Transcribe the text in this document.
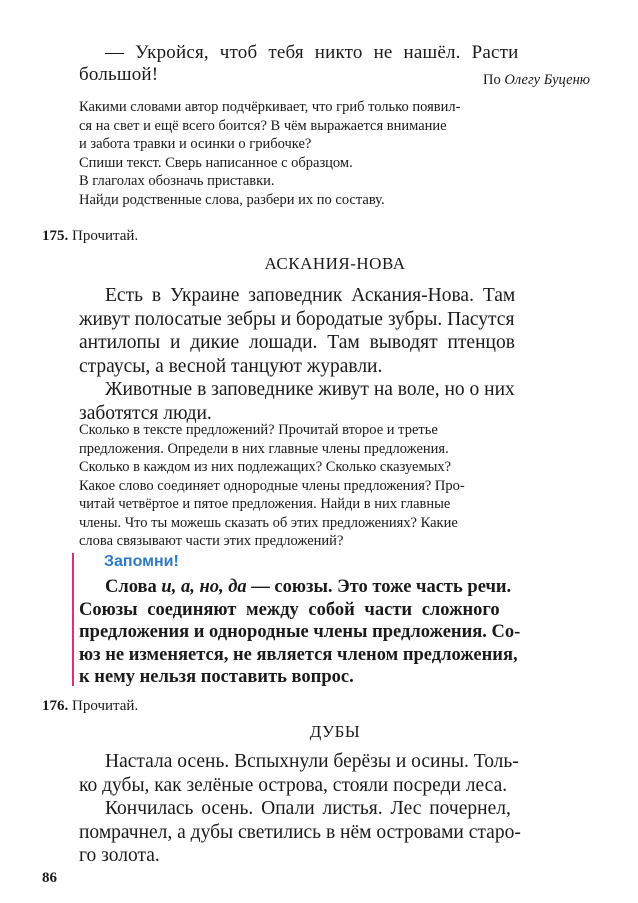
— Укройся, чтоб тебя никто не нашёл. Расти
большой!	По Олегу Буценю
Какими словами автор подчёркивает, что гриб только появил-
ся на свет и ещё всего боится? В чём выражается внимание
и забота травки и осинки о грибочке?
Спиши текст. Сверь написанное с образцом.
В глаголах обозначь приставки.
Найди родственные слова, разбери их по составу.
175. Прочитай.
АСКАНИЯ-НОВА
Есть в Украине заповедник Аскания-Нова. Там
живут полосатые зебры и бородатые зубры. Пасутся
антилопы и дикие лошади. Там выводят птенцов
страусы, а весной танцуют журавли.
Животные в заповеднике живут на воле, но о них
заботятся люди.
Сколько в тексте предложений? Прочитай второе и третье
предложения. Определи в них главные члены предложения.
Сколько в каждом из них подлежащих? Сколько сказуемых?
Какое слово соединяет однородные члены предложения? Про-
читай четвёртое и пятое предложения. Найди в них главные
члены. Что ты можешь сказать об этих предложениях? Какие
слова связывают части этих предложений?
Запомни!
Слова и, а, но, да — союзы. Это тоже часть речи.
Союзы соединяют между собой части сложного
предложения и однородные члены предложения. Со-
юз не изменяется, не является членом предложения,
к нему нельзя поставить вопрос.
176. Прочитай.
ДУБЫ
Настала осень. Вспыхнули берёзы и осины. Толь-
ко дубы, как зелёные острова, стояли посреди леса.
Кончилась осень. Опали листья. Лес почернел,
помрачнел, а дубы светились в нём островами старо-
го золота.
86
